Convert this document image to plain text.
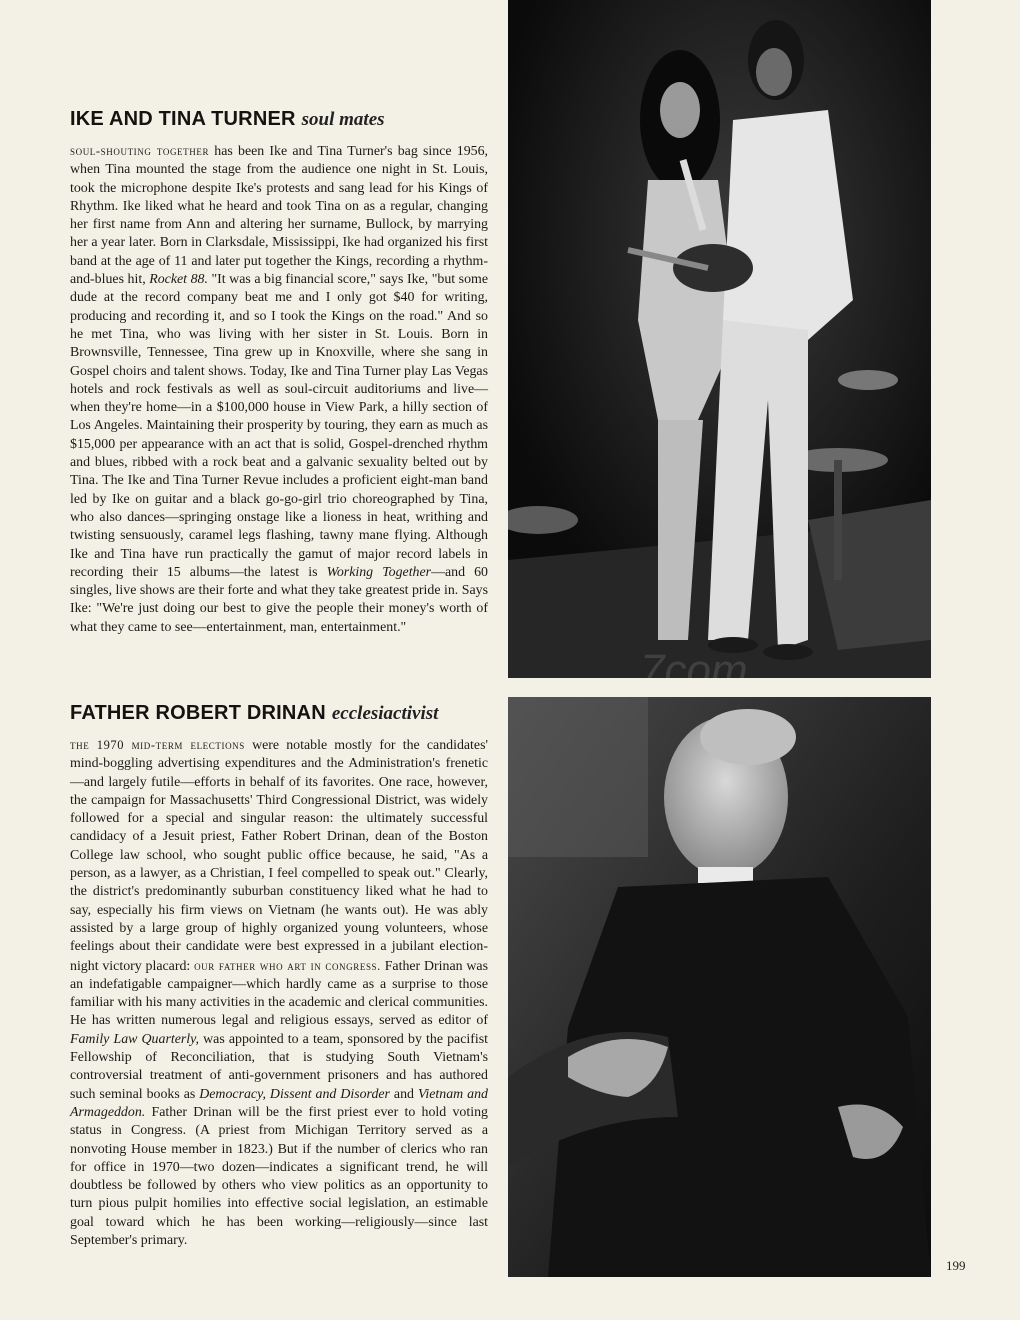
IKE AND TINA TURNER soul mates

soul-shouting together has been Ike and Tina Turner's bag since 1956, when Tina mounted the stage from the audience one night in St. Louis, took the microphone despite Ike's protests and sang lead for his Kings of Rhythm. Ike liked what he heard and took Tina on as a regular, changing her first name from Ann and altering her surname, Bullock, by marrying her a year later. Born in Clarksdale, Mississippi, Ike had organized his first band at the age of 11 and later put together the Kings, recording a rhythm-and-blues hit, Rocket 88. "It was a big financial score," says Ike, "but some dude at the record company beat me and I only got $40 for writing, producing and recording it, and so I took the Kings on the road." And so he met Tina, who was living with her sister in St. Louis. Born in Brownsville, Tennessee, Tina grew up in Knoxville, where she sang in Gospel choirs and talent shows. Today, Ike and Tina Turner play Las Vegas hotels and rock festivals as well as soul-circuit auditoriums and live—when they're home—in a $100,000 house in View Park, a hilly section of Los Angeles. Maintaining their prosperity by touring, they earn as much as $15,000 per appearance with an act that is solid, Gospel-drenched rhythm and blues, ribbed with a rock beat and a galvanic sexuality belted out by Tina. The Ike and Tina Turner Revue includes a proficient eight-man band led by Ike on guitar and a black go-go-girl trio choreographed by Tina, who also dances—springing onstage like a lioness in heat, writhing and twisting sensuously, caramel legs flashing, tawny mane flying. Although Ike and Tina have run practically the gamut of major record labels in recording their 15 albums—the latest is Working Together—and 60 singles, live shows are their forte and what they take greatest pride in. Says Ike: "We're just doing our best to give the people their money's worth of what they came to see—entertainment, man, entertainment."

FATHER ROBERT DRINAN ecclesiactivist

the 1970 mid-term elections were notable mostly for the candidates' mind-boggling advertising expenditures and the Administration's frenetic—and largely futile—efforts in behalf of its favorites. One race, however, the campaign for Massachusetts' Third Congressional District, was widely followed for a special and singular reason: the ultimately successful candidacy of a Jesuit priest, Father Robert Drinan, dean of the Boston College law school, who sought public office because, he said, "As a person, as a lawyer, as a Christian, I feel compelled to speak out." Clearly, the district's predominantly suburban constituency liked what he had to say, especially his firm views on Vietnam (he wants out). He was ably assisted by a large group of highly organized young volunteers, whose feelings about their candidate were best expressed in a jubilant election-night victory placard: our father who art in congress. Father Drinan was an indefatigable campaigner—which hardly came as a surprise to those familiar with his many activities in the academic and clerical communities. He has written numerous legal and religious essays, served as editor of Family Law Quarterly, was appointed to a team, sponsored by the pacifist Fellowship of Reconciliation, that is studying South Vietnam's controversial treatment of anti-government prisoners and has authored such seminal books as Democracy, Dissent and Disorder and Vietnam and Armageddon. Father Drinan will be the first priest ever to hold voting status in Congress. (A priest from Michigan Territory served as a nonvoting House member in 1823.) But if the number of clerics who ran for office in 1970—two dozen—indicates a significant trend, he will doubtless be followed by others who view politics as an opportunity to turn pious pulpit homilies into effective social legislation, an estimable goal toward which he has been working—religiously—since last September's primary.

199
